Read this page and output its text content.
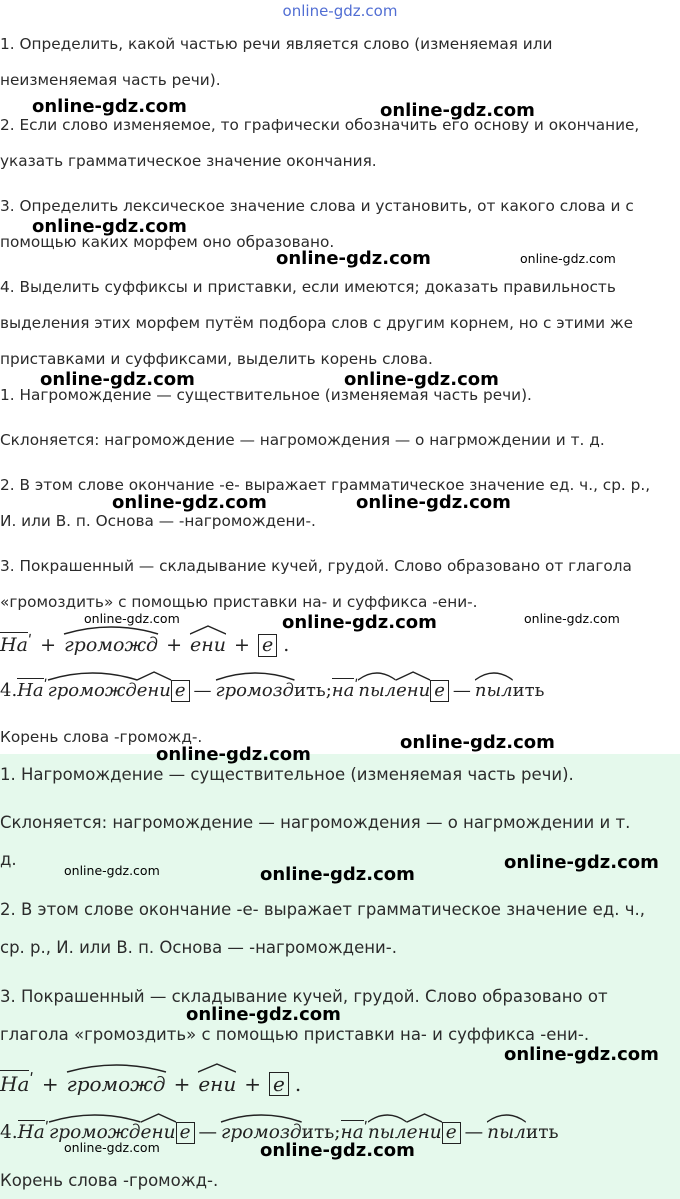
online-gdz.com
1. Определить, какой частью речи является слово (изменяемая или
неизменяемая часть речи).
2. Если слово изменяемое, то графически обозначить его основу и окончание,
указать грамматическое значение окончания.
3. Определить лексическое значение слова и установить, от какого слова и с
помощью каких морфем оно образовано.
4. Выделить суффиксы и приставки, если имеются; доказать правильность
выделения этих морфем путём подбора слов с другим корнем, но с этими же
приставками и суффиксами, выделить корень слова.
1. Нагромождение — существительное (изменяемая часть речи).
Склоняется: нагромождение — нагромождения — о нагрмождении и т. д.
2. В этом слове окончание -е- выражает грамматическое значение ед. ч., ср. р.,
И. или В. п. Основа — -нагромождени-.
3. Покрашенный — складывание кучей, грудой. Слово образовано от глагола
«громоздить» с помощью приставки на- и суффикса -ени-.
$На^ʹ$ + громожд + ени + е .
$4.На^ʹ$
громожд
ени е — $громоздить;на^ʹ$
пыл
ени е — пылить
Корень слова -громожд-.
1. Нагромождение — существительное (изменяемая часть речи).
Склоняется: нагромождение — нагромождения — о нагрмождении и т.
д.
2. В этом слове окончание -е- выражает грамматическое значение ед. ч.,
ср. р., И. или В. п. Основа — -нагромождени-.
3. Покрашенный — складывание кучей, грудой. Слово образовано от
глагола «громоздить» с помощью приставки на- и суффикса -ени-.
$На^ʹ$ + громожд + ени + е .
$4.На^ʹ$
громожд
ени е — $громоздить;на^ʹ$
пыл
ени е — пылить
Корень слова -громожд-.
online-gdz.com	online-gdz.com
online-gdz.com
online-gdz.com	online-gdz.com
online-gdz.com	online-gdz.com
online-gdz.com	online-gdz.com
online-gdz.com	online-gdz.com	online-gdz.com
online-gdz.com
online-gdz.com
online-gdz.com
online-gdz.com	online-gdz.com
online-gdz.com
online-gdz.com
online-gdz.com	online-gdz.com
